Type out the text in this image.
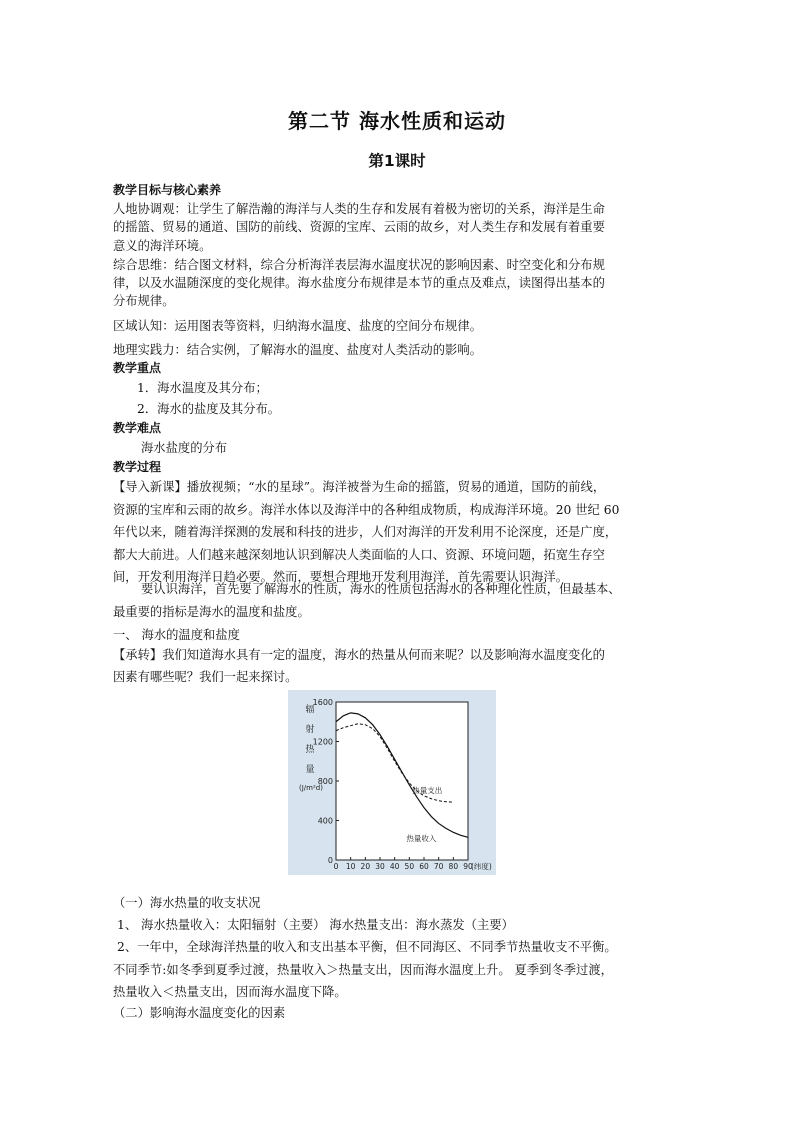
第二节 海水性质和运动
第1课时
教学目标与核心素养
人地协调观：让学生了解浩瀚的海洋与人类的生存和发展有着极为密切的关系，海洋是生命
的摇篮、贸易的通道、国防的前线、资源的宝库、云雨的故乡，对人类生存和发展有着重要
意义的海洋环境。
综合思维：结合图文材料，综合分析海洋表层海水温度状况的影响因素、时空变化和分布规
律，以及水温随深度的变化规律。海水盐度分布规律是本节的重点及难点，读图得出基本的
分布规律。
区域认知：运用图表等资料，归纳海水温度、盐度的空间分布规律。
地理实践力：结合实例，了解海水的温度、盐度对人类活动的影响。
教学重点
1．海水温度及其分布；
2．海水的盐度及其分布。
教学难点
海水盐度的分布
教学过程
【导入新课】播放视频；“水的星球”。海洋被誉为生命的摇篮，贸易的通道，国防的前线，
资源的宝库和云雨的故乡。海洋水体以及海洋中的各种组成物质，构成海洋环境。20 世纪 60
年代以来，随着海洋探测的发展和科技的进步，人们对海洋的开发利用不论深度，还是广度，
都大大前进。人们越来越深刻地认识到解决人类面临的人口、资源、环境问题，拓宽生存空
间，开发利用海洋日趋必要。然而，要想合理地开发利用海洋，首先需要认识海洋。
要认识海洋，首先要了解海水的性质，海水的性质包括海水的各种理化性质，但最基本、
最重要的指标是海水的温度和盐度。
一、 海水的温度和盐度
【承转】我们知道海水具有一定的温度，海水的热量从何而来呢？以及影响海水温度变化的
因素有哪些呢？我们一起来探讨。
0
400
800
1200
1600
0 10 20 30 40 50 60 70 80 90
(纬度)
辐
射
热
量
(J/m²d)
热量收入
热量支出
（一）海水热量的收支状况
1、 海水热量收入：太阳辐射（主要） 海水热量支出：海水蒸发（主要）
2、一年中，全球海洋热量的收入和支出基本平衡，但不同海区、不同季节热量收支不平衡。
不同季节:如冬季到夏季过渡，热量收入＞热量支出，因而海水温度上升。 夏季到冬季过渡，
热量收入＜热量支出，因而海水温度下降。
（二）影响海水温度变化的因素
